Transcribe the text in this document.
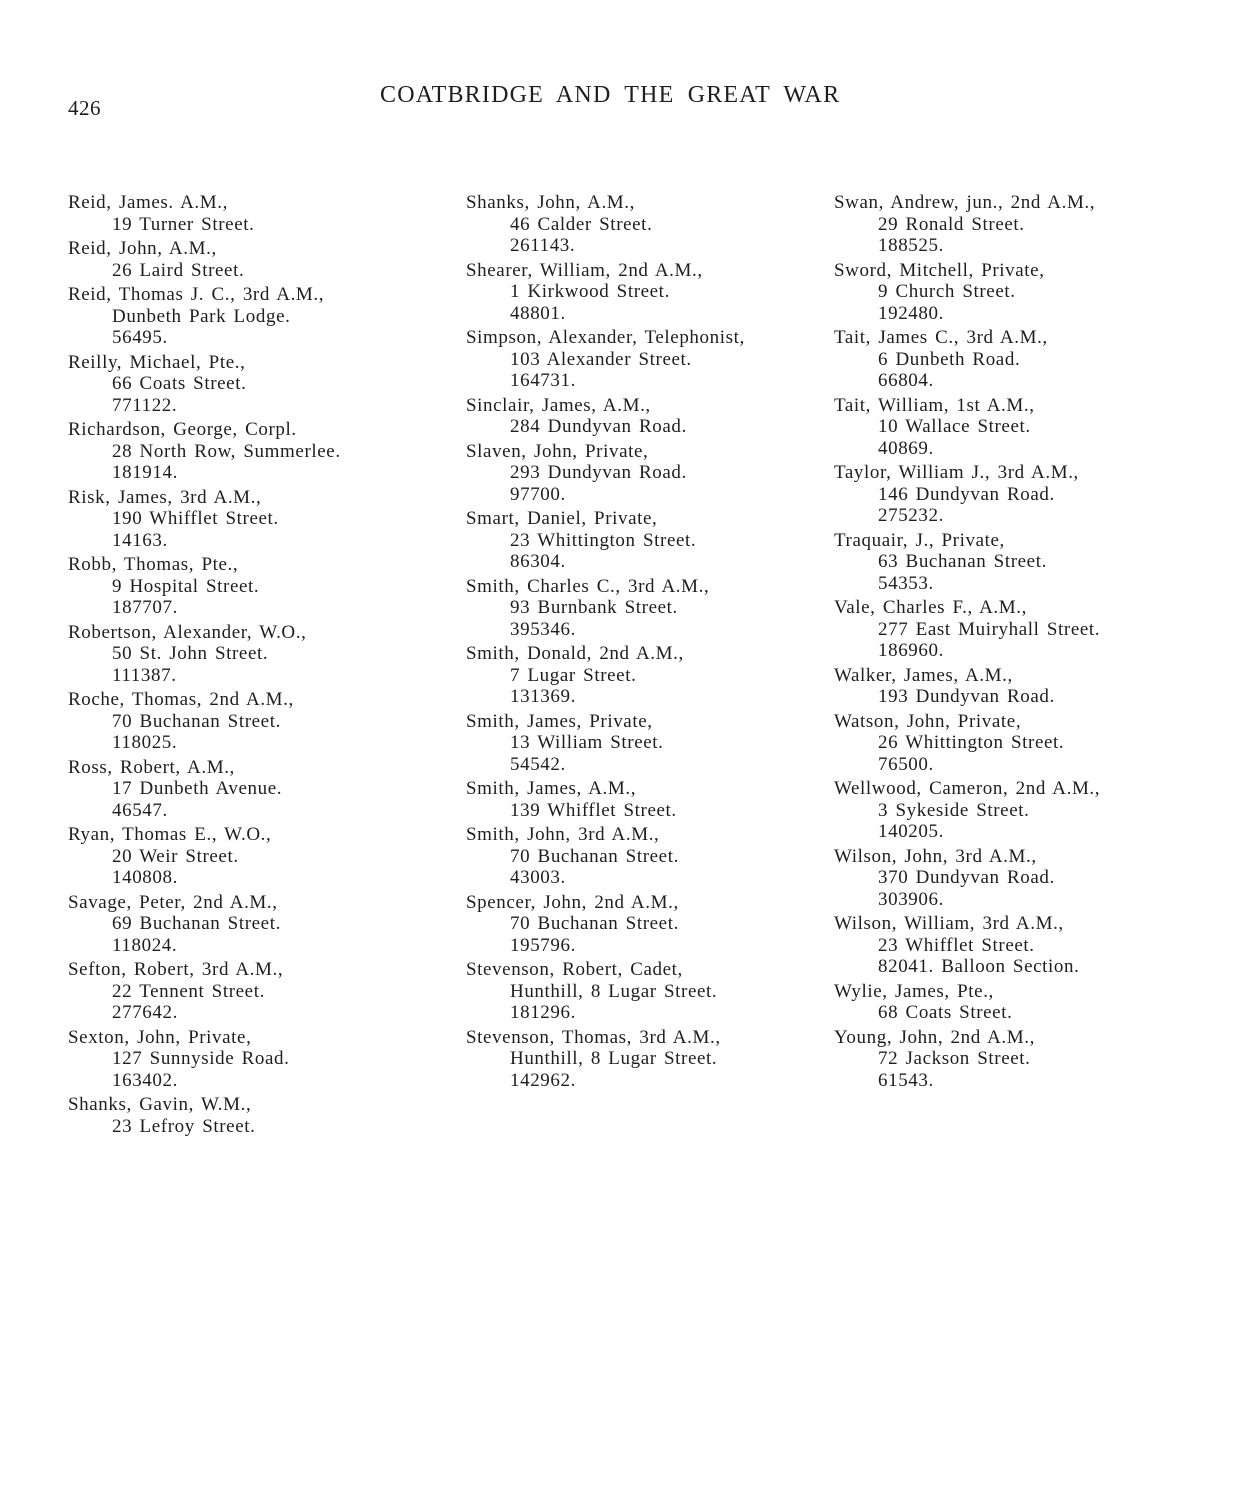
426	COATBRIDGE AND THE GREAT WAR
Reid, James. A.M.,
19 Turner Street.
Reid, John, A.M.,
26 Laird Street.
Reid, Thomas J. C., 3rd A.M.,
Dunbeth Park Lodge.
56495.
Reilly, Michael, Pte.,
66 Coats Street.
771122.
Richardson, George, Corpl.
28 North Row, Summerlee.
181914.
Risk, James, 3rd A.M.,
190 Whifflet Street.
14163.
Robb, Thomas, Pte.,
9 Hospital Street.
187707.
Robertson, Alexander, W.O.,
50 St. John Street.
111387.
Roche, Thomas, 2nd A.M.,
70 Buchanan Street.
118025.
Ross, Robert, A.M.,
17 Dunbeth Avenue.
46547.
Ryan, Thomas E., W.O.,
20 Weir Street.
140808.
Savage, Peter, 2nd A.M.,
69 Buchanan Street.
118024.
Sefton, Robert, 3rd A.M.,
22 Tennent Street.
277642.
Sexton, John, Private,
127 Sunnyside Road.
163402.
Shanks, Gavin, W.M.,
23 Lefroy Street.
Shanks, John, A.M.,
46 Calder Street.
261143.
Shearer, William, 2nd A.M.,
1 Kirkwood Street.
48801.
Simpson, Alexander, Telephonist,
103 Alexander Street.
164731.
Sinclair, James, A.M.,
284 Dundyvan Road.
Slaven, John, Private,
293 Dundyvan Road.
97700.
Smart, Daniel, Private,
23 Whittington Street.
86304.
Smith, Charles C., 3rd A.M.,
93 Burnbank Street.
395346.
Smith, Donald, 2nd A.M.,
7 Lugar Street.
131369.
Smith, James, Private,
13 William Street.
54542.
Smith, James, A.M.,
139 Whifflet Street.
Smith, John, 3rd A.M.,
70 Buchanan Street.
43003.
Spencer, John, 2nd A.M.,
70 Buchanan Street.
195796.
Stevenson, Robert, Cadet,
Hunthill, 8 Lugar Street.
181296.
Stevenson, Thomas, 3rd A.M.,
Hunthill, 8 Lugar Street.
142962.
Swan, Andrew, jun., 2nd A.M.,
29 Ronald Street.
188525.
Sword, Mitchell, Private,
9 Church Street.
192480.
Tait, James C., 3rd A.M.,
6 Dunbeth Road.
66804.
Tait, William, 1st A.M.,
10 Wallace Street.
40869.
Taylor, William J., 3rd A.M.,
146 Dundyvan Road.
275232.
Traquair, J., Private,
63 Buchanan Street.
54353.
Vale, Charles F., A.M.,
277 East Muiryhall Street.
186960.
Walker, James, A.M.,
193 Dundyvan Road.
Watson, John, Private,
26 Whittington Street.
76500.
Wellwood, Cameron, 2nd A.M.,
3 Sykeside Street.
140205.
Wilson, John, 3rd A.M.,
370 Dundyvan Road.
303906.
Wilson, William, 3rd A.M.,
23 Whifflet Street.
82041. Balloon Section.
Wylie, James, Pte.,
68 Coats Street.
Young, John, 2nd A.M.,
72 Jackson Street.
61543.
